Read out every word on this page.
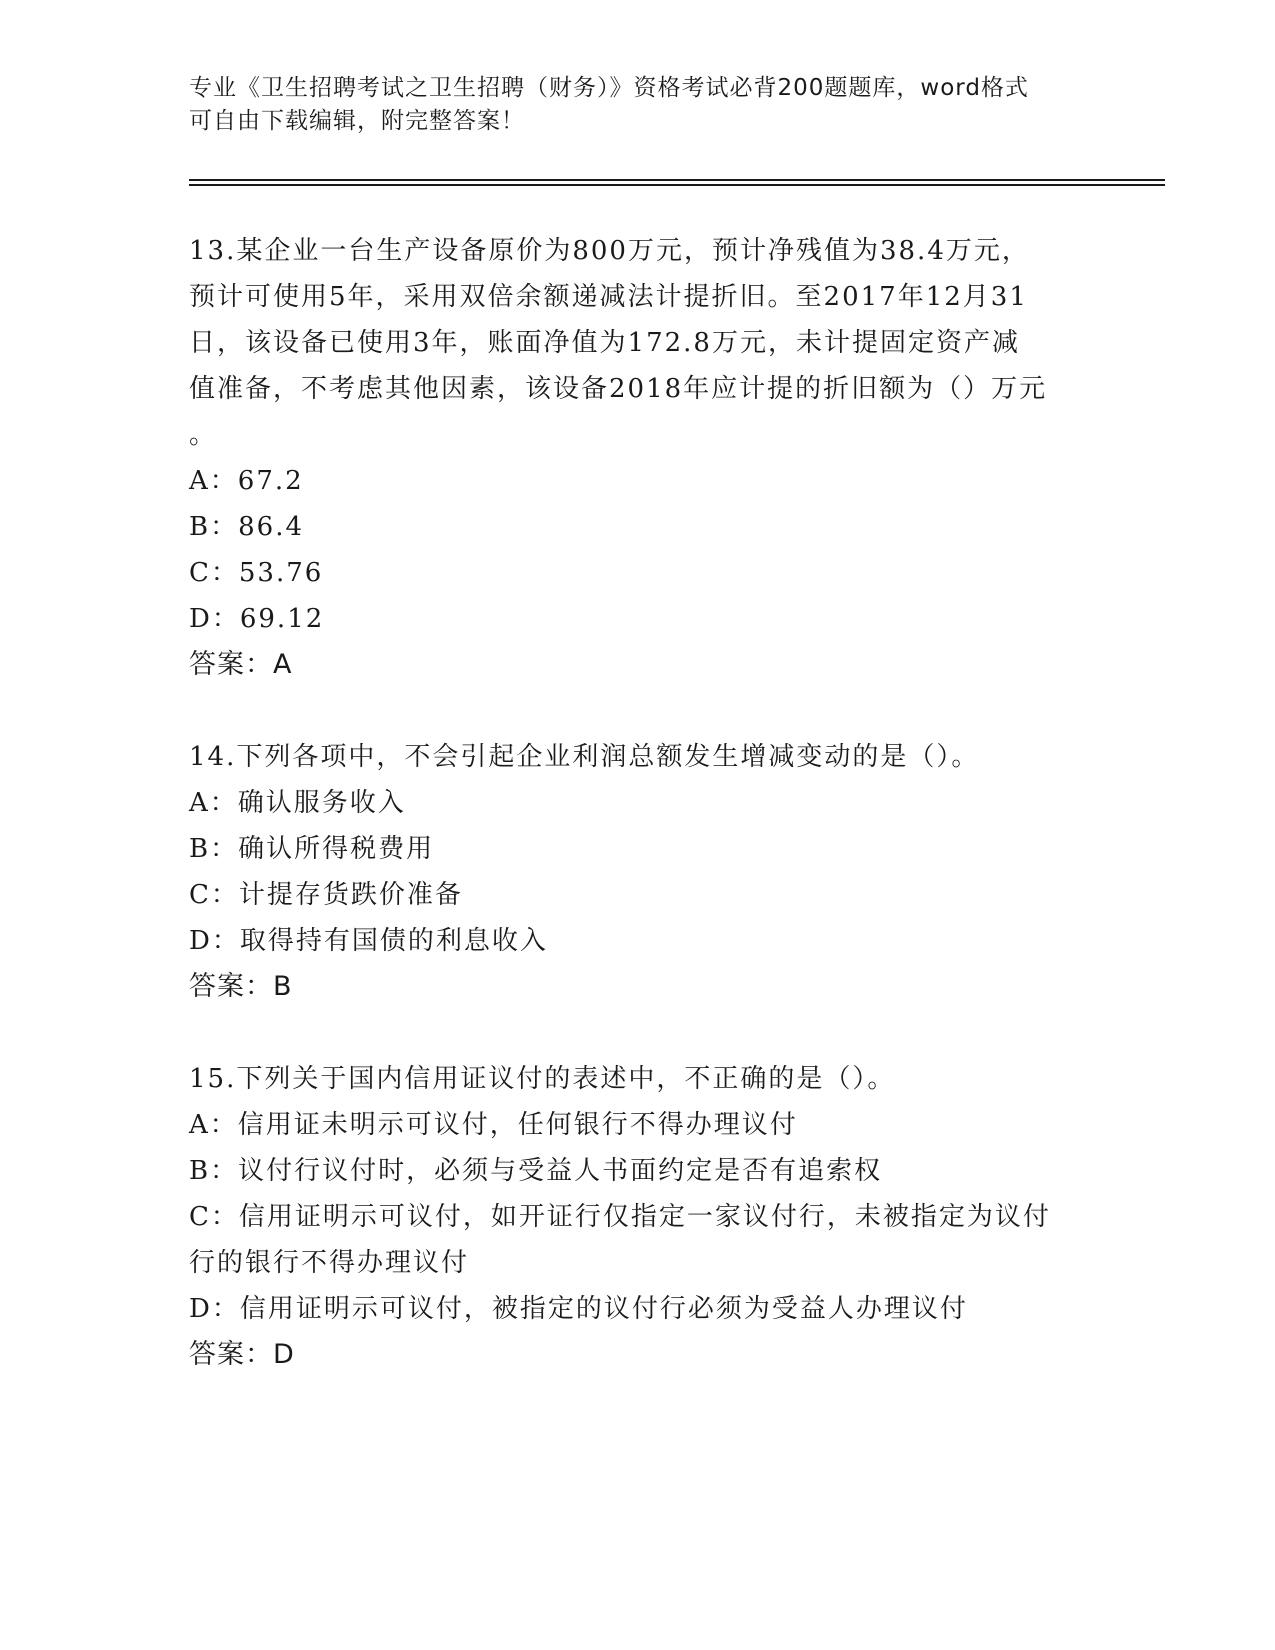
专业《卫生招聘考试之卫生招聘（财务）》资格考试必背200题题库，word格式
可自由下载编辑，附完整答案！
13.某企业一台生产设备原价为800万元，预计净残值为38.4万元，
预计可使用5年，采用双倍余额递减法计提折旧。至2017年12月31
日，该设备已使用3年，账面净值为172.8万元，未计提固定资产减
值准备，不考虑其他因素，该设备2018年应计提的折旧额为（）万元
。
A：67.2
B：86.4
C：53.76
D：69.12
答案：A
14.下列各项中，不会引起企业利润总额发生增减变动的是（）。
A：确认服务收入
B：确认所得税费用
C：计提存货跌价准备
D：取得持有国债的利息收入
答案：B
15.下列关于国内信用证议付的表述中，不正确的是（）。
A：信用证未明示可议付，任何银行不得办理议付
B：议付行议付时，必须与受益人书面约定是否有追索权
C：信用证明示可议付，如开证行仅指定一家议付行，未被指定为议付
行的银行不得办理议付
D：信用证明示可议付，被指定的议付行必须为受益人办理议付
答案：D
